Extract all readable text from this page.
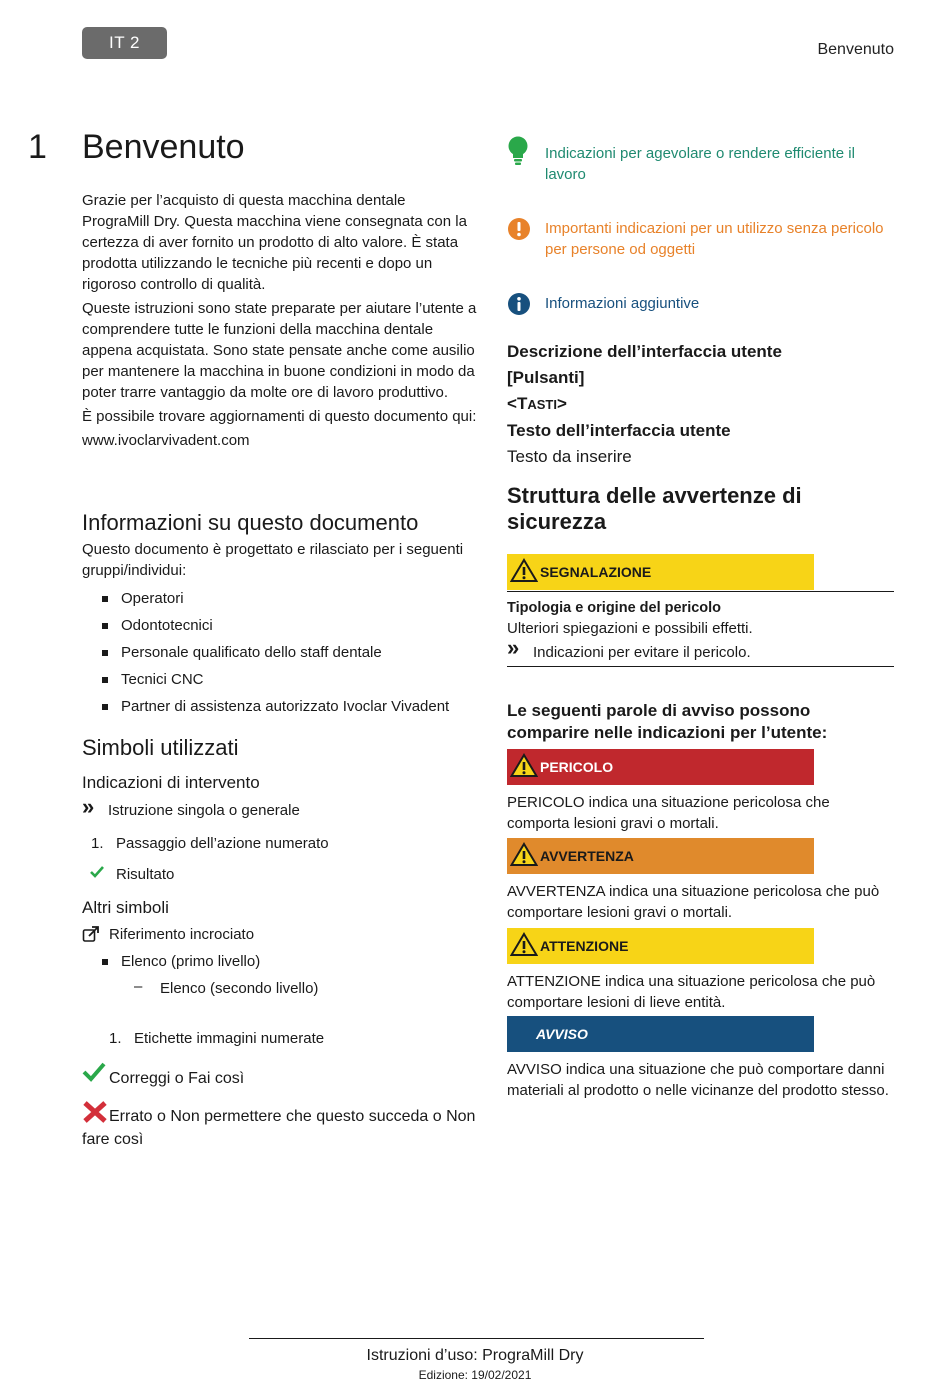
IT 2	Benvenuto
1 Benvenuto

Grazie per l’acquisto di questa macchina dentale PrograMill Dry. Questa macchina viene consegnata con la certezza di aver fornito un prodotto di alto valore. È stata prodotta utilizzando le tecniche più recenti e dopo un rigoroso controllo di qualità.

Queste istruzioni sono state preparate per aiutare l’utente a comprendere tutte le funzioni della macchina dentale appena acquistata. Sono state pensate anche come ausilio per mantenere la macchina in buone condizioni in modo da poter trarre vantaggio da molte ore di lavoro produttivo.

È possibile trovare aggiornamenti di questo documento qui:

www.ivoclarvivadent.com

Informazioni su questo documento

Questo documento è progettato e rilasciato per i seguenti gruppi/individui:

Operatori
Odontotecnici
Personale qualificato dello staff dentale
Tecnici CNC
Partner di assistenza autorizzato Ivoclar Vivadent
Simboli utilizzati
Indicazioni di intervento
» Istruzione singola o generale
1. Passaggio dell’azione numerato
Risultato
Altri simboli
Riferimento incrociato
Elenco (primo livello)
– Elenco (secondo livello)
1. Etichette immagini numerate
Correggi o Fai così
Errato o Non permettere che questo succeda o Non fare così
Indicazioni per agevolare o rendere efficiente il lavoro
Importanti indicazioni per un utilizzo senza pericolo per persone od oggetti
Informazioni aggiuntive
Descrizione dell’interfaccia utente
[Pulsanti]
<TASTI>
Testo dell’interfaccia utente
Testo da inserire
Struttura delle avvertenze di sicurezza
SEGNALAZIONE
Tipologia e origine del pericolo
Ulteriori spiegazioni e possibili effetti.
» Indicazioni per evitare il pericolo.
Le seguenti parole di avviso possono comparire nelle indicazioni per l’utente:
PERICOLO
PERICOLO indica una situazione pericolosa che comporta lesioni gravi o mortali.
AVVERTENZA
AVVERTENZA indica una situazione pericolosa che può comportare lesioni gravi o mortali.
ATTENZIONE
ATTENZIONE indica una situazione pericolosa che può comportare lesioni di lieve entità.
AVVISO
AVVISO indica una situazione che può comportare danni materiali al prodotto o nelle vicinanze del prodotto stesso.
Istruzioni d’uso: PrograMill Dry
Edizione: 19/02/2021
